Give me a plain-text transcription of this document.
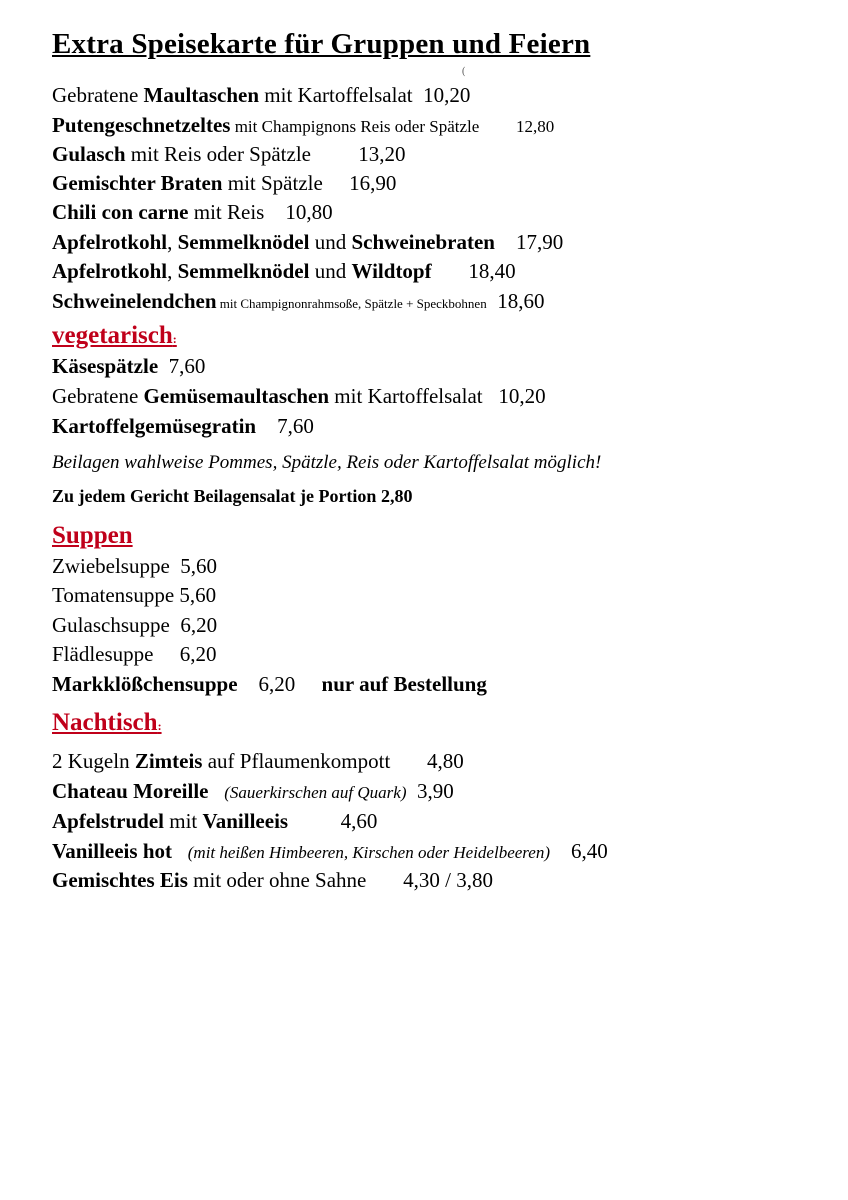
Extra Speisekarte für Gruppen und Feiern
(
Gebratene Maultaschen mit Kartoffelsalat 10,20
Putengeschnetzeltes mit Champignons Reis oder Spätzle 12,80
Gulasch mit Reis oder Spätzle 13,20
Gemischter Braten mit Spätzle 16,90
Chili con carne mit Reis 10,80
Apfelrotkohl, Semmelknödel und Schweinebraten 17,90
Apfelrotkohl, Semmelknödel und Wildtopf 18,40
Schweinelendchen mit Champignonrahmsoße, Spätzle + Speckbohnen 18,60
vegetarisch:
Käsespätzle 7,60
Gebratene Gemüsemaultaschen mit Kartoffelsalat 10,20
Kartoffelgemüsegratin 7,60
Beilagen wahlweise Pommes, Spätzle, Reis oder Kartoffelsalat möglich!
Zu jedem Gericht Beilagensalat je Portion 2,80
Suppen
Zwiebelsuppe 5,60
Tomatensuppe 5,60
Gulaschsuppe 6,20
Flädlesuppe 6,20
Markklößchensuppe 6,20 nur auf Bestellung
Nachtisch:
2 Kugeln Zimteis auf Pflaumenkompott 4,80
Chateau Moreille (Sauerkirschen auf Quark) 3,90
Apfelstrudel mit Vanilleeis	4,60
Vanilleeis hot (mit heißen Himbeeren, Kirschen oder Heidelbeeren) 6,40
Gemischtes Eis mit oder ohne Sahne 4,30 / 3,80
